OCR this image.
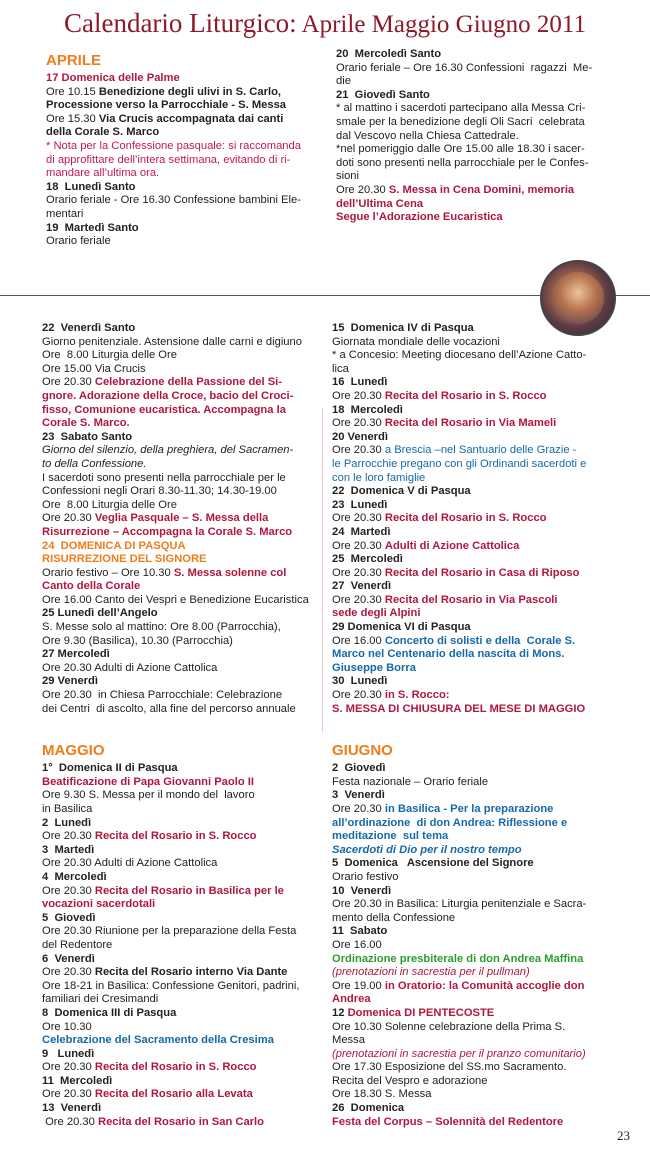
Calendario Liturgico: Aprile Maggio Giugno 2011
APRILE
17 Domenica delle Palme
Ore 10.15 Benedizione degli ulivi in S. Carlo,
Processione verso la Parrocchiale - S. Messa
Ore 15.30 Via Crucis accompagnata dai canti
della Corale S. Marco
* Nota per la Confessione pasquale: si raccomanda
di approfittare dell’intera settimana, evitando di ri-
mandare all’ultima ora.
18  Lunedì Santo
Orario feriale - Ore 16.30 Confessione bambini Ele-
mentari
19  Martedì Santo
Orario feriale
20  Mercoledì Santo
Orario feriale – Ore 16.30 Confessioni  ragazzi  Me-
die
21  Giovedì Santo
* al mattino i sacerdoti partecipano alla Messa Cri-
smale per la benedizione degli Oli Sacri  celebrata
dal Vescovo nella Chiesa Cattedrale.
*nel pomeriggio dalle Ore 15.00 alle 18.30 i sacer-
doti sono presenti nella parrocchiale per le Confes-
sioni
Ore 20.30 S. Messa in Cena Domini, memoria
dell’Ultima Cena
Segue l’Adorazione Eucaristica
22  Venerdì Santo
Giorno penitenziale. Astensione dalle carni e digiuno
Ore  8.00 Liturgia delle Ore
Ore 15.00 Via Crucis
Ore 20.30 Celebrazione della Passione del Si-
gnore. Adorazione della Croce, bacio del Croci-
fisso, Comunione eucaristica. Accompagna la
Corale S. Marco.
23  Sabato Santo
Giorno del silenzio, della preghiera, del Sacramen-
to della Confessione.
I sacerdoti sono presenti nella parrocchiale per le
Confessioni negli Orari 8.30-11.30; 14.30-19.00
Ore  8.00 Liturgia delle Ore
Ore 20.30 Veglia Pasquale – S. Messa della
Risurrezione – Accompagna la Corale S. Marco
24  DOMENICA DI PASQUA
RISURREZIONE DEL SIGNORE
Orario festivo – Ore 10.30 S. Messa solenne col
Canto della Corale
Ore 16.00 Canto dei Vespri e Benedizione Eucaristica
25 Lunedì dell’Angelo
S. Messe solo al mattino: Ore 8.00 (Parrocchia),
Ore 9.30 (Basilica), 10.30 (Parrocchia)
27 Mercoledì
Ore 20.30 Adulti di Azione Cattolica
29 Venerdì
Ore 20.30  in Chiesa Parrocchiale: Celebrazione
dei Centri  di ascolto, alla fine del percorso annuale
MAGGIO
1°  Domenica II di Pasqua
Beatificazione di Papa Giovanni Paolo II
Ore 9.30 S. Messa per il mondo del  lavoro
in Basilica
2  Lunedì
Ore 20.30 Recita del Rosario in S. Rocco
3  Martedì
Ore 20.30 Adulti di Azione Cattolica
4  Mercoledì
Ore 20.30 Recita del Rosario in Basilica per le
vocazioni sacerdotali
5  Giovedì
Ore 20.30 Riunione per la preparazione della Festa
del Redentore
6  Venerdì
Ore 20.30 Recita del Rosario interno Via Dante
Ore 18-21 in Basilica: Confessione Genitori, padrini,
familiari dei Cresimandi
8  Domenica III di Pasqua
Ore 10.30
Celebrazione del Sacramento della Cresima
9   Lunedì
Ore 20.30 Recita del Rosario in S. Rocco
11  Mercoledì
Ore 20.30 Recita del Rosario alla Levata
13  Venerdì
Ore 20.30 Recita del Rosario in San Carlo
15  Domenica IV di Pasqua
Giornata mondiale delle vocazioni
* a Concesio: Meeting diocesano dell’Azione Catto-
lica
16  Lunedì
Ore 20.30 Recita del Rosario in S. Rocco
18  Mercoledì
Ore 20.30 Recita del Rosario in Via Mameli
20 Venerdì
Ore 20.30 a Brescia –nel Santuario delle Grazie -
le Parrocchie pregano con gli Ordinandi sacerdoti e
con le loro famiglie
22  Domenica V di Pasqua
23  Lunedì
Ore 20.30 Recita del Rosario in S. Rocco
24  Martedì
Ore 20.30 Adulti di Azione Cattolica
25  Mercoledì
Ore 20.30 Recita del Rosario in Casa di Riposo
27  Venerdì
Ore 20.30 Recita del Rosario in Via Pascoli
sede degli Alpini
29 Domenica VI di Pasqua
Ore 16.00 Concerto di solisti e della  Corale S.
Marco nel Centenario della nascita di Mons.
Giuseppe Borra
30  Lunedì
Ore 20.30 in S. Rocco:
S. MESSA DI CHIUSURA DEL MESE DI MAGGIO
GIUGNO
2  Giovedì
Festa nazionale – Orario feriale
3  Venerdì
Ore 20.30 in Basilica - Per la preparazione
all’ordinazione  di don Andrea: Riflessione e
meditazione  sul tema
Sacerdoti di Dio per il nostro tempo
5  Domenica   Ascensione del Signore
Orario festivo
10  Venerdì
Ore 20.30 in Basilica: Liturgia penitenziale e Sacra-
mento della Confessione
11  Sabato
Ore 16.00
Ordinazione presbiterale di don Andrea Maffina
(prenotazioni in sacrestia per il pullman)
Ore 19.00 in Oratorio: la Comunità accoglie don
Andrea
12 Domenica DI PENTECOSTE
Ore 10.30 Solenne celebrazione della Prima S.
Messa
(prenotazioni in sacrestia per il pranzo comunitario)
Ore 17.30 Esposizione del SS.mo Sacramento.
Recita del Vespro e adorazione
Ore 18.30 S. Messa
26  Domenica
Festa del Corpus – Solennità del Redentore
23
